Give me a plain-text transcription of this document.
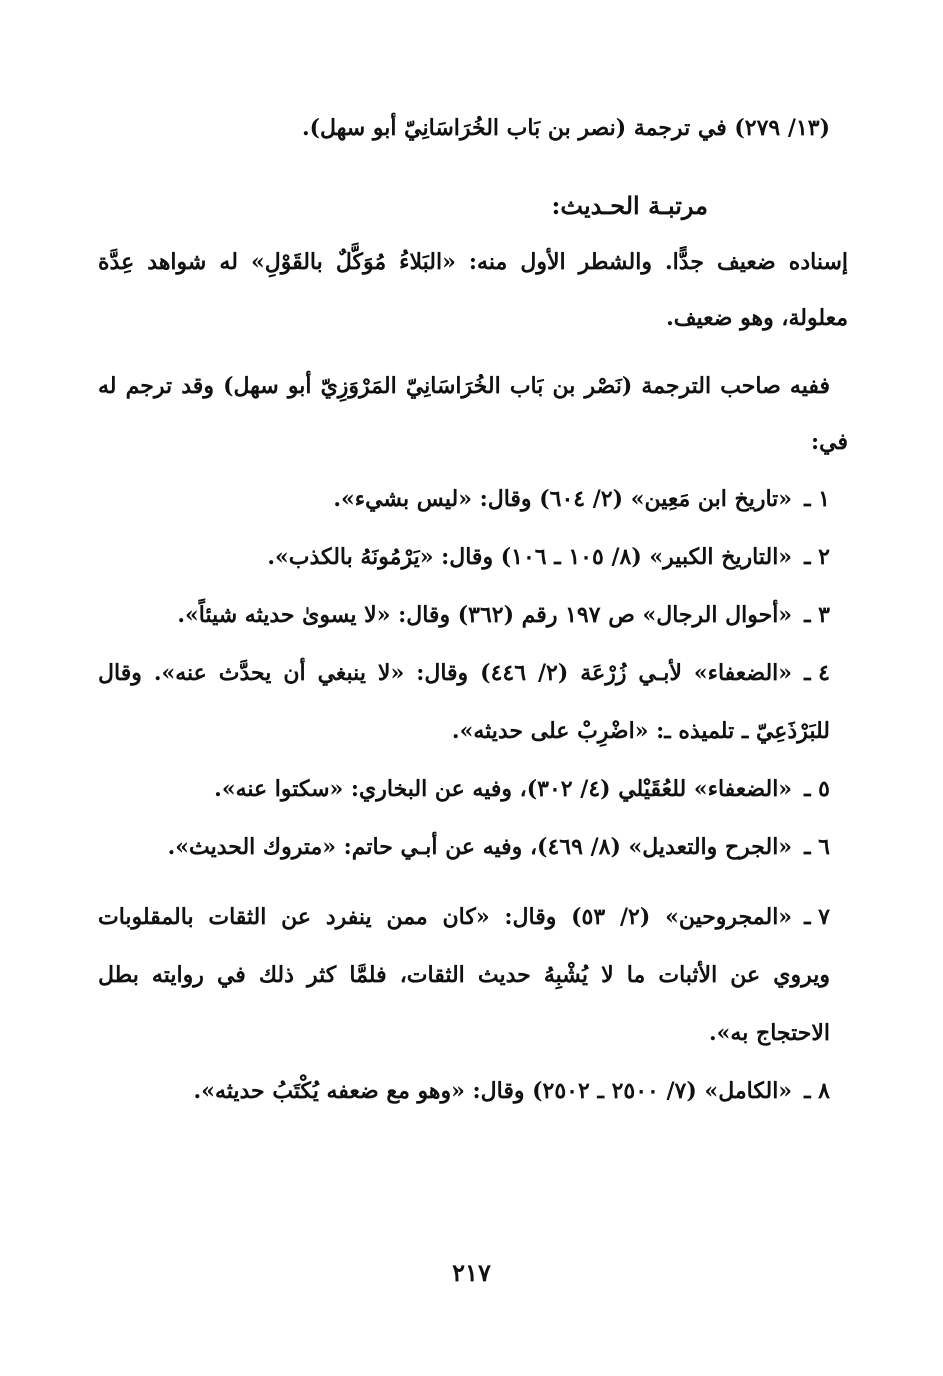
(١٣/ ٢٧٩) في ترجمة (نصر بن بَاب الخُرَاسَانِيّ أبو سهل).
مرتبـة الحـديث:
إسناده ضعيف جدًّا. والشطر الأول منه: «البَلاءُ مُوَكَّلٌ بالقَوْلِ» له شواهد عِدَّة معلولة، وهو ضعيف.
ففيه صاحب الترجمة (نَصْر بن بَاب الخُرَاسَانِيّ المَرْوَزِيّ أبو سهل) وقد ترجم له في:
١ ـ«تاريخ ابن مَعِين» (٢/ ٦٠٤) وقال: «ليس بشيء».
٢ ـ«التاريخ الكبير» (٨/ ١٠٥ ـ ١٠٦) وقال: «يَرْمُونَهُ بالكذب».
٣ ـ«أحوال الرجال» ص ١٩٧ رقم (٣٦٢) وقال: «لا يسوىٰ حديثه شيئاً».
٤ ـ«الضعفاء» لأبـي زُرْعَة (٢/ ٤٤٦) وقال: «لا ينبغي أن يحدَّث عنه». وقال للبَرْذَعِيّ ـ تلميذه ـ: «اضْرِبْ على حديثه».
٥ ـ«الضعفاء» للعُقَيْلي (٤/ ٣٠٢)، وفيه عن البخاري: «سكتوا عنه».
٦ ـ«الجرح والتعديل» (٨/ ٤٦٩)، وفيه عن أبـي حاتم: «متروك الحديث».
٧ ـ«المجروحين» (٢/ ٥٣) وقال: «كان ممن ينفرد عن الثقات بالمقلوبات ويروي عن الأثبات ما لا يُشْبِهُ حديث الثقات، فلمَّا كثر ذلك في روايته بطل الاحتجاج به».
٨ ـ«الكامل» (٧/ ٢٥٠٠ ـ ٢٥٠٢) وقال: «وهو مع ضعفه يُكْتَبُ حديثه».
٢١٧
